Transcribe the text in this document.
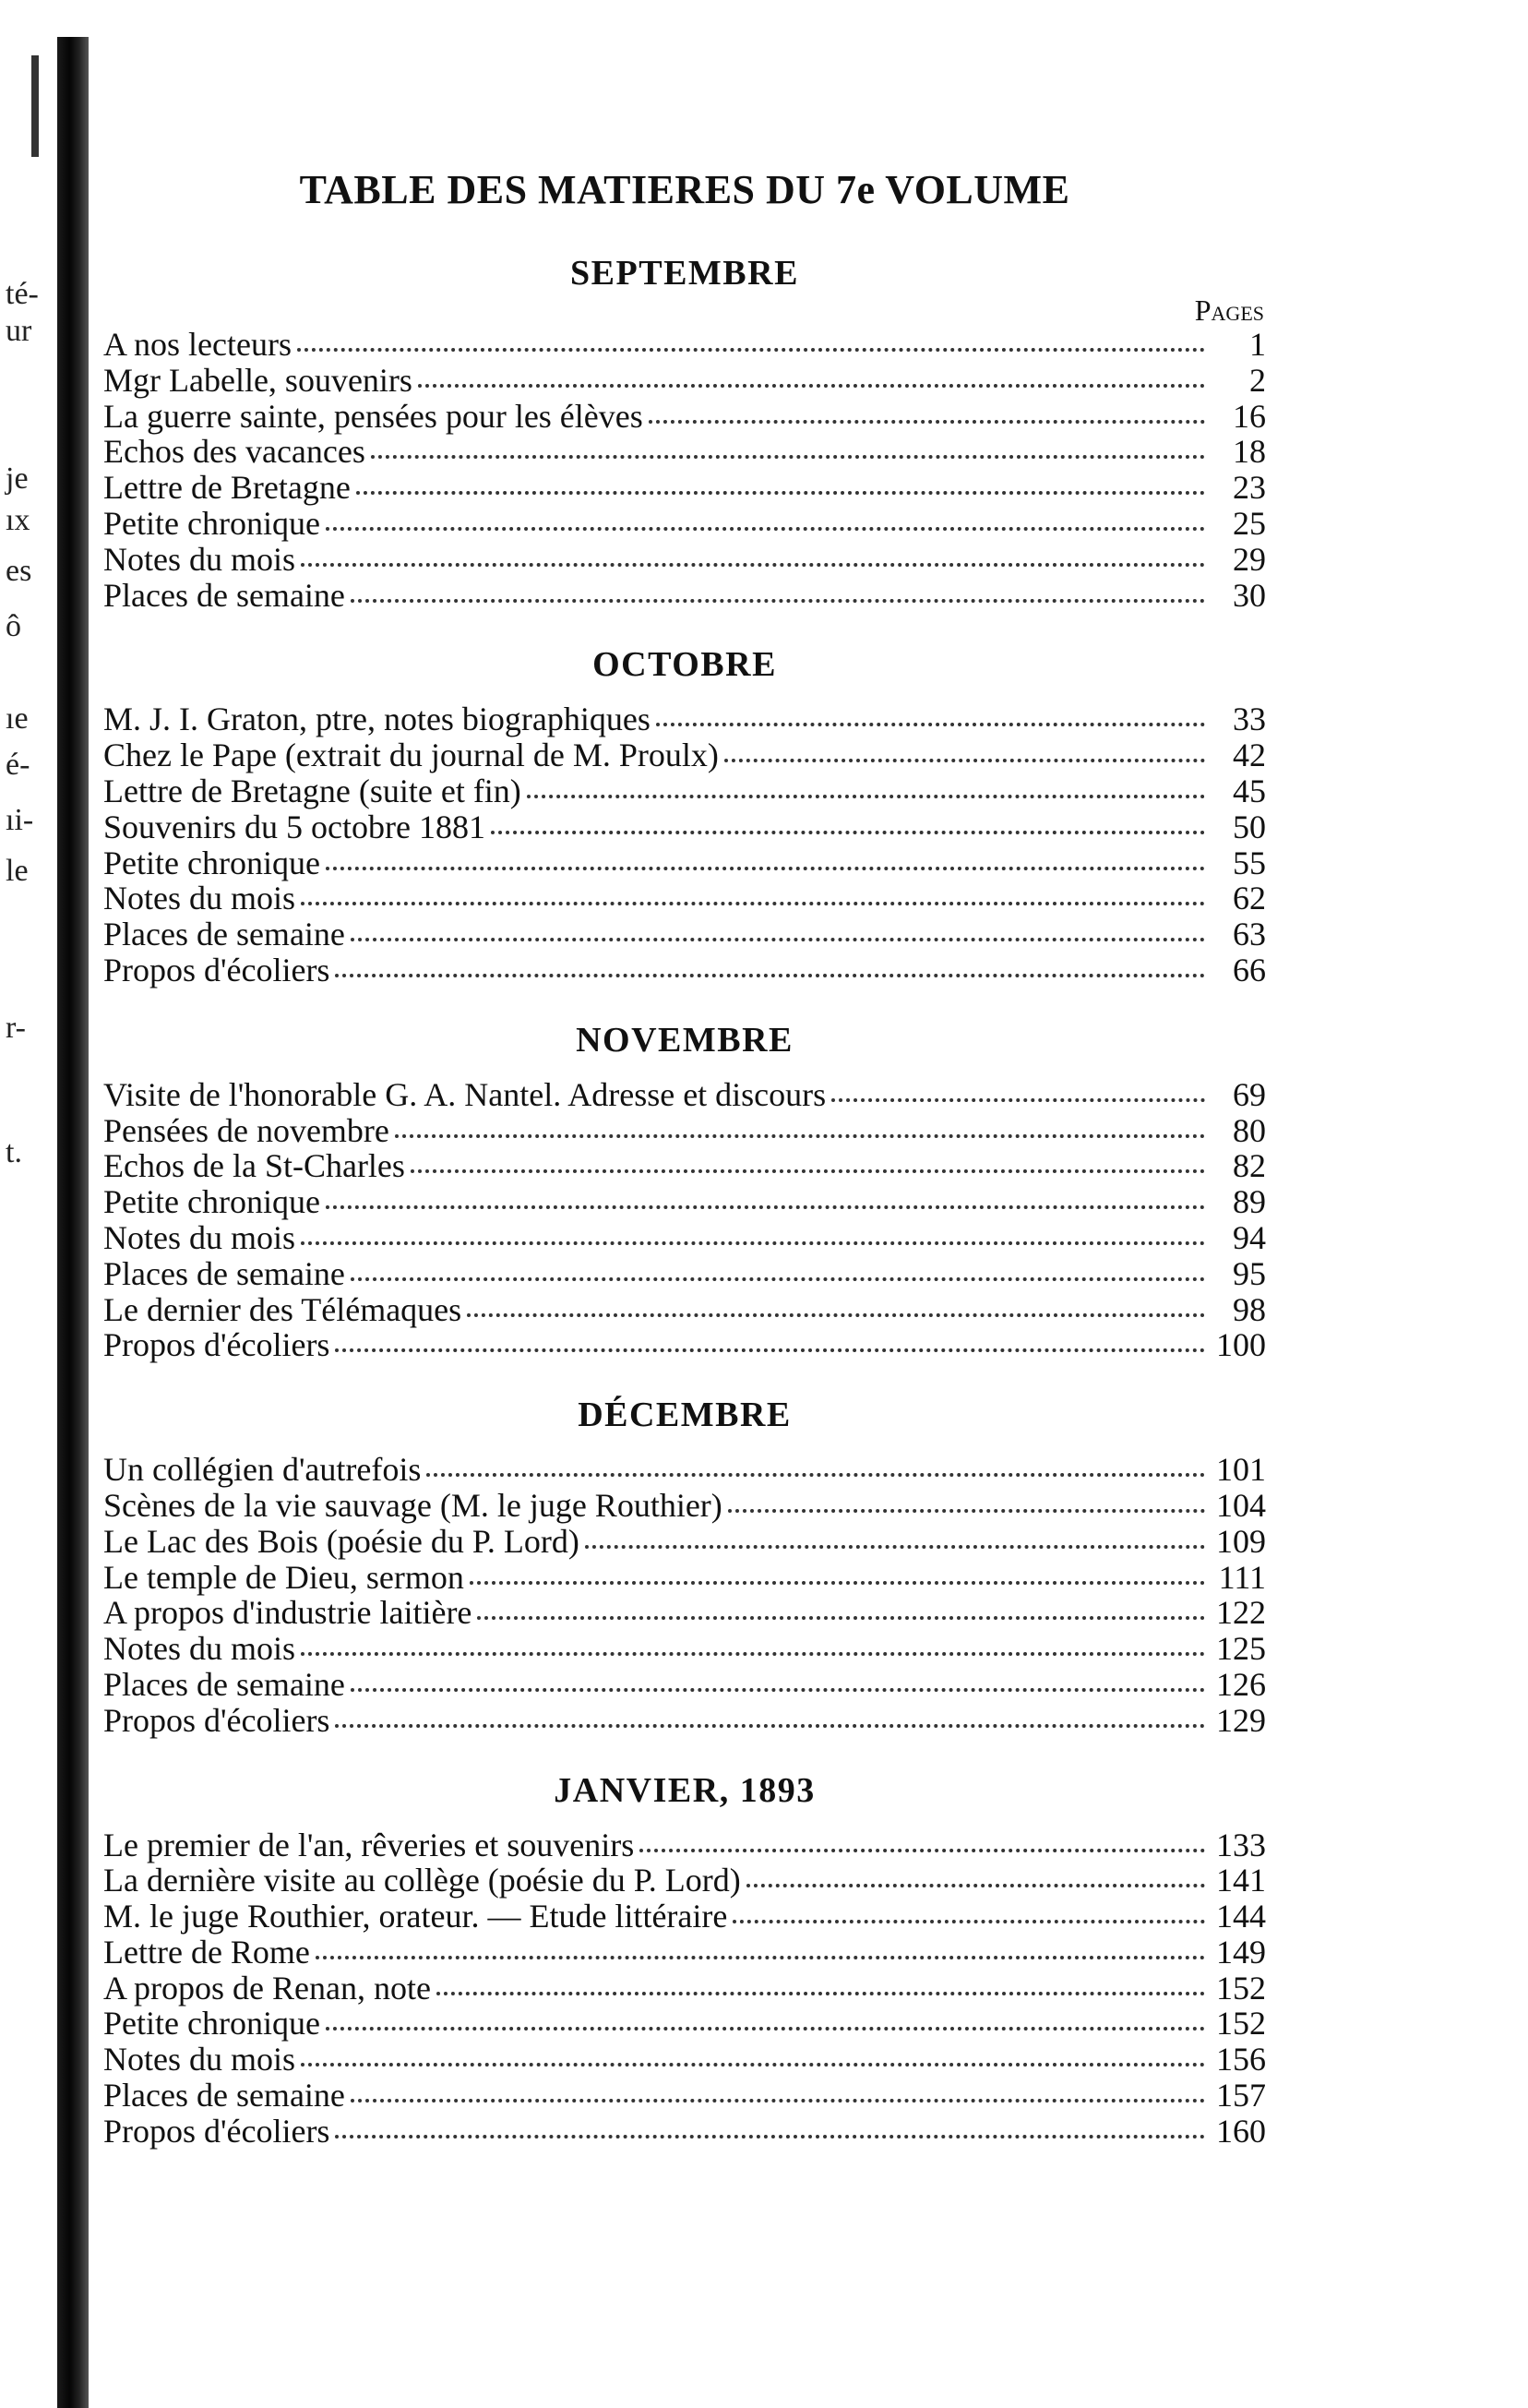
té-
ur
je
ıx
es
ô
ıe
é-
ıi-
le
r-
t.
TABLE DES MATIERES DU 7e VOLUME
SEPTEMBRE

Pages

A nos lecteurs	1
Mgr Labelle, souvenirs	2
La guerre sainte, pensées pour les élèves	16
Echos des vacances	18
Lettre de Bretagne	23
Petite chronique	25
Notes du mois	29
Places de semaine	30
OCTOBRE
M. J. I. Graton, ptre, notes biographiques	33
Chez le Pape (extrait du journal de M. Proulx)	42
Lettre de Bretagne (suite et fin)	45
Souvenirs du 5 octobre 1881	50
Petite chronique	55
Notes du mois	62
Places de semaine	63
Propos d'écoliers	66
NOVEMBRE
Visite de l'honorable G. A. Nantel. Adresse et discours	69
Pensées de novembre	80
Echos de la St-Charles	82
Petite chronique	89
Notes du mois	94
Places de semaine	95
Le dernier des Télémaques	98
Propos d'écoliers	100
DÉCEMBRE
Un collégien d'autrefois	101
Scènes de la vie sauvage (M. le juge Routhier)	104
Le Lac des Bois (poésie du P. Lord)	109
Le temple de Dieu, sermon	111
A propos d'industrie laitière	122
Notes du mois	125
Places de semaine	126
Propos d'écoliers	129
JANVIER, 1893
Le premier de l'an, rêveries et souvenirs	133
La dernière visite au collège (poésie du P. Lord)	141
M. le juge Routhier, orateur. — Etude littéraire	144
Lettre de Rome	149
A propos de Renan, note	152
Petite chronique	152
Notes du mois	156
Places de semaine	157
Propos d'écoliers	160
